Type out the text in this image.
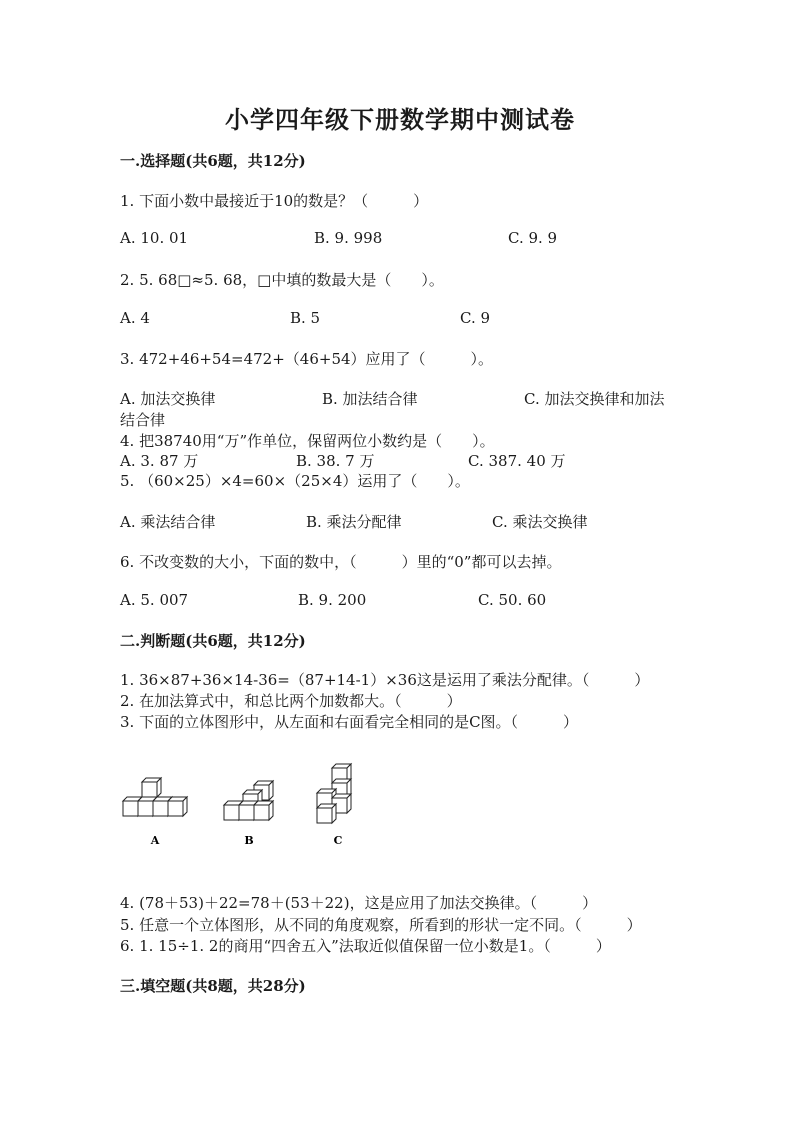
小学四年级下册数学期中测试卷
一.选择题(共6题，共12分)
1. 下面小数中最接近于10的数是？（　　　）
A. 10. 01	B. 9. 998	C. 9. 9
2. 5. 68□≈5. 68，□中填的数最大是（　　）。
A. 4	B. 5	C. 9
3. 472+46+54=472+（46+54）应用了（　　　）。
A. 加法交换律	B. 加法结合律	C. 加法交换律和加法
结合律
4. 把38740用“万”作单位，保留两位小数约是（　　）。
A. 3. 87 万	B. 38. 7 万	C. 387. 40 万
5. （60×25）×4=60×（25×4）运用了（　　）。
A. 乘法结合律	B. 乘法分配律	C. 乘法交换律
6. 不改变数的大小，下面的数中，（　　　）里的“0”都可以去掉。
A. 5. 007	B. 9. 200	C. 50. 60
二.判断题(共6题，共12分)
1. 36×87+36×14-36=（87+14-1）×36这是运用了乘法分配律。（　　　）
2. 在加法算式中，和总比两个加数都大。（　　　）
3. 下面的立体图形中，从左面和右面看完全相同的是C图。（　　　）
A	B	C
4. (78＋53)＋22=78＋(53＋22)，这是应用了加法交换律。（　　　）
5. 任意一个立体图形，从不同的角度观察，所看到的形状一定不同。（　　　）
6. 1. 15÷1. 2的商用“四舍五入”法取近似值保留一位小数是1。（　　　）
三.填空题(共8题，共28分)
